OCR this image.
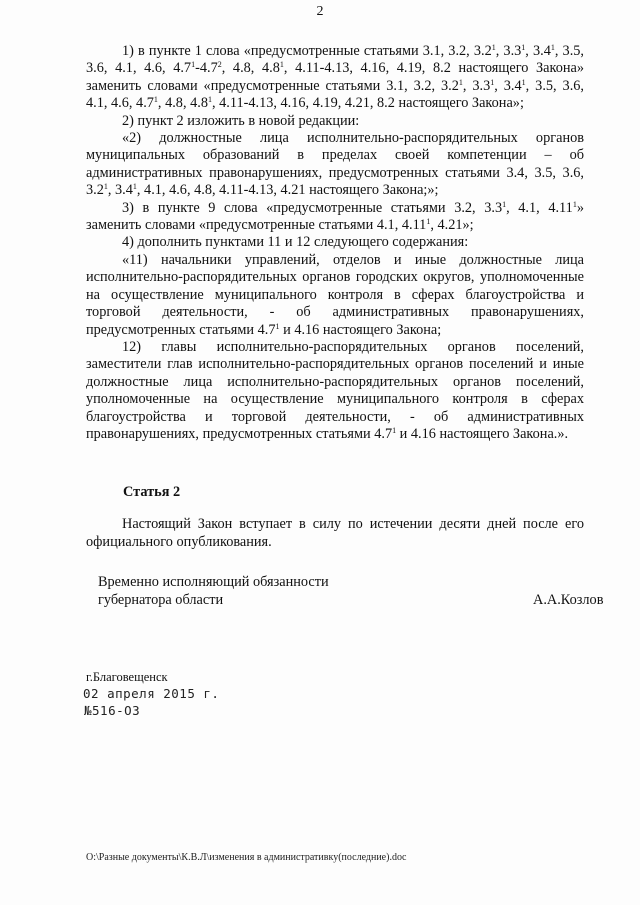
2

1) в пункте 1 слова «предусмотренные статьями 3.1, 3.2, $3.2^1$, $3.3^1$, $3.4^1$, 3.5, 3.6, 4.1, 4.6, $4.7^1-4.7^2$, 4.8, $4.8^1$, 4.11-4.13, 4.16, 4.19, 8.2 настоящего Закона» заменить словами «предусмотренные статьями 3.1, 3.2, $3.2^1$, $3.3^1$, $3.4^1$, 3.5, 3.6, 4.1, 4.6, $4.7^1$, 4.8, $4.8^1$, 4.11-4.13, 4.16, 4.19, 4.21, 8.2 настоящего Закона»;

2) пункт 2 изложить в новой редакции:

«2) должностные лица исполнительно-распорядительных органов муниципальных образований в пределах своей компетенции – об административных правонарушениях, предусмотренных статьями 3.4, 3.5, 3.6, $3.2^1$, $3.4^1$, 4.1, 4.6, 4.8, 4.11-4.13, 4.21 настоящего Закона;»;

3) в пункте 9 слова «предусмотренные статьями 3.2, $3.3^1$, 4.1, 4.11$^1$» заменить словами «предусмотренные статьями 4.1, 4.11$^1$, 4.21»;

4) дополнить пунктами 11 и 12 следующего содержания:

«11) начальники управлений, отделов и иные должностные лица исполнительно-распорядительных органов городских округов, уполномоченные на осуществление муниципального контроля в сферах благоустройства и торговой деятельности, - об административных правонарушениях, предусмотренных статьями $4.7^1$ и 4.16 настоящего Закона;

12) главы исполнительно-распорядительных органов поселений, заместители глав исполнительно-распорядительных органов поселений и иные должностные лица исполнительно-распорядительных органов поселений, уполномоченные на осуществление муниципального контроля в сферах благоустройства и торговой деятельности, - об административных правонарушениях, предусмотренных статьями $4.7^1$ и 4.16 настоящего Закона.».

Статья 2

Настоящий Закон вступает в силу по истечении десяти дней после его официального опубликования.

Временно исполняющий обязанности
губернатора области	А.А.Козлов
г.Благовещенск
02 апреля 2015 г.
№516-ОЗ
O:\Разные документы\К.В.Л\изменения в административку(последние).doc
